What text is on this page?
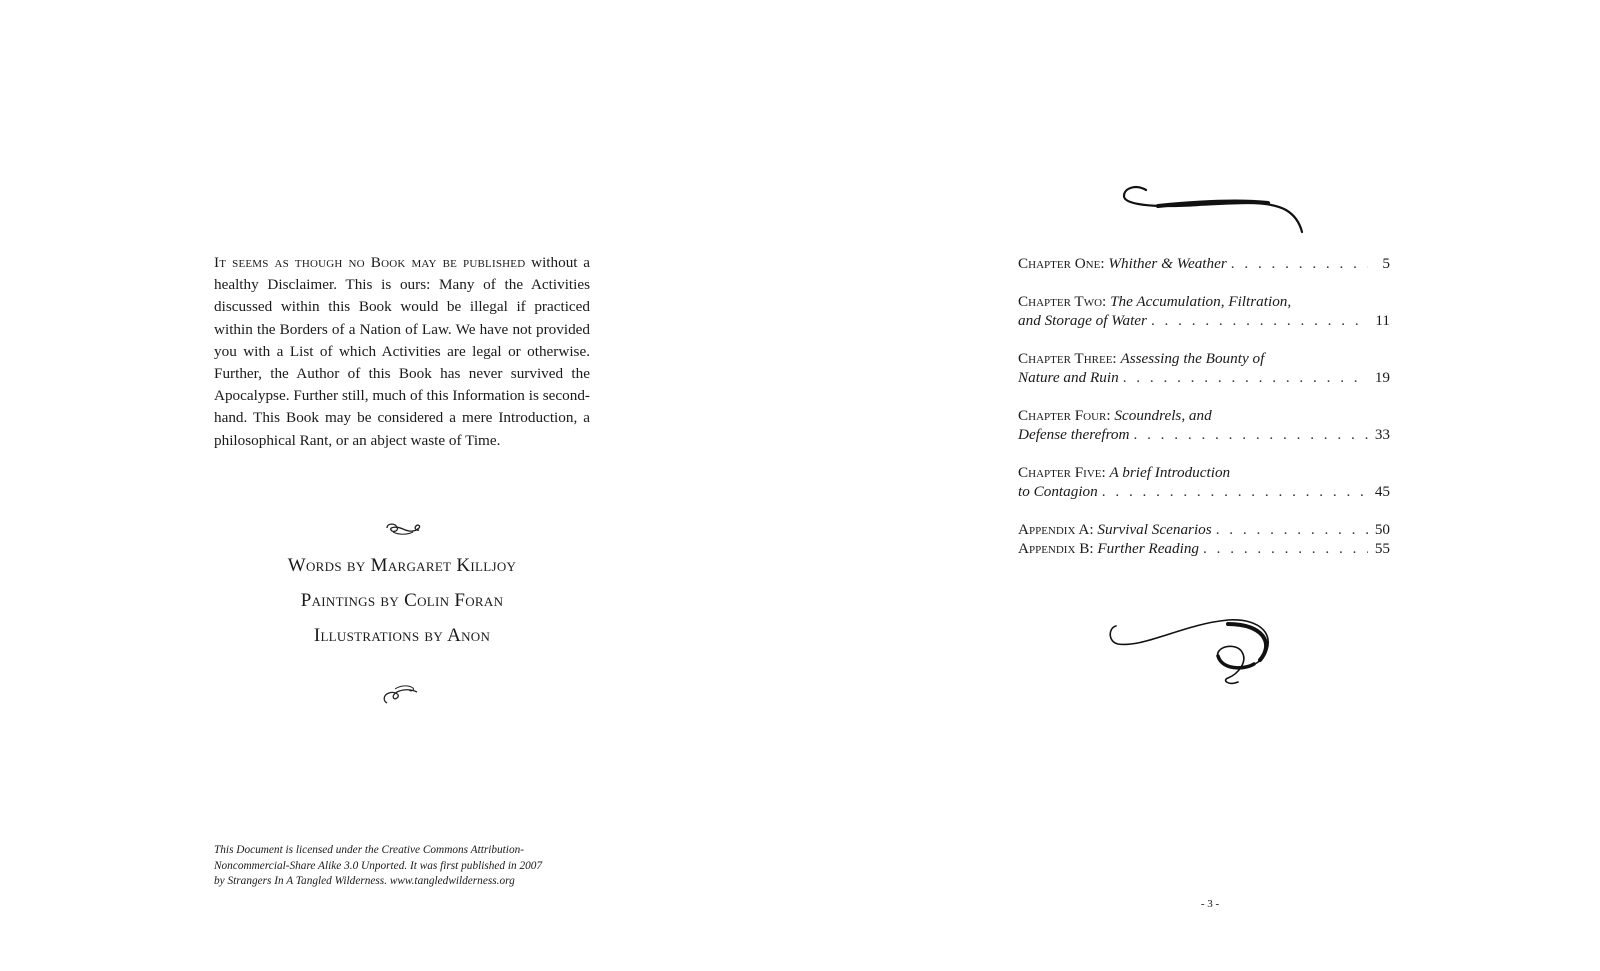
It seems as though no Book may be published without a healthy Disclaimer. This is ours: Many of the Activities discussed within this Book would be illegal if practiced within the Borders of a Nation of Law. We have not provided you with a List of which Activities are legal or otherwise. Further, the Author of this Book has never survived the Apocalypse. Further still, much of this Information is second-hand. This Book may be considered a mere Introduction, a philosophical Rant, or an abject waste of Time.
Words by Margaret Killjoy
Paintings by Colin Foran
Illustrations by Anon
This Document is licensed under the Creative Commons Attribution-
Noncommercial-Share Alike 3.0 Unported. It was first published in 2007
by Strangers In A Tangled Wilderness. www.tangledwilderness.org
Chapter One:
Whither & Weather . . .	5
Chapter Two:
The Accumulation, Filtration,
and Storage of Water . . .	11
Chapter Three:
Assessing the Bounty of
Nature and Ruin . . .	19
Chapter Four:
Scoundrels, and
Defense therefrom . . .	33
Chapter Five:
A brief Introduction
to Contagion . . .	45
Appendix A:
Survival Scenarios . . .	50
Appendix B:
Further Reading . . .	55
- 3 -
